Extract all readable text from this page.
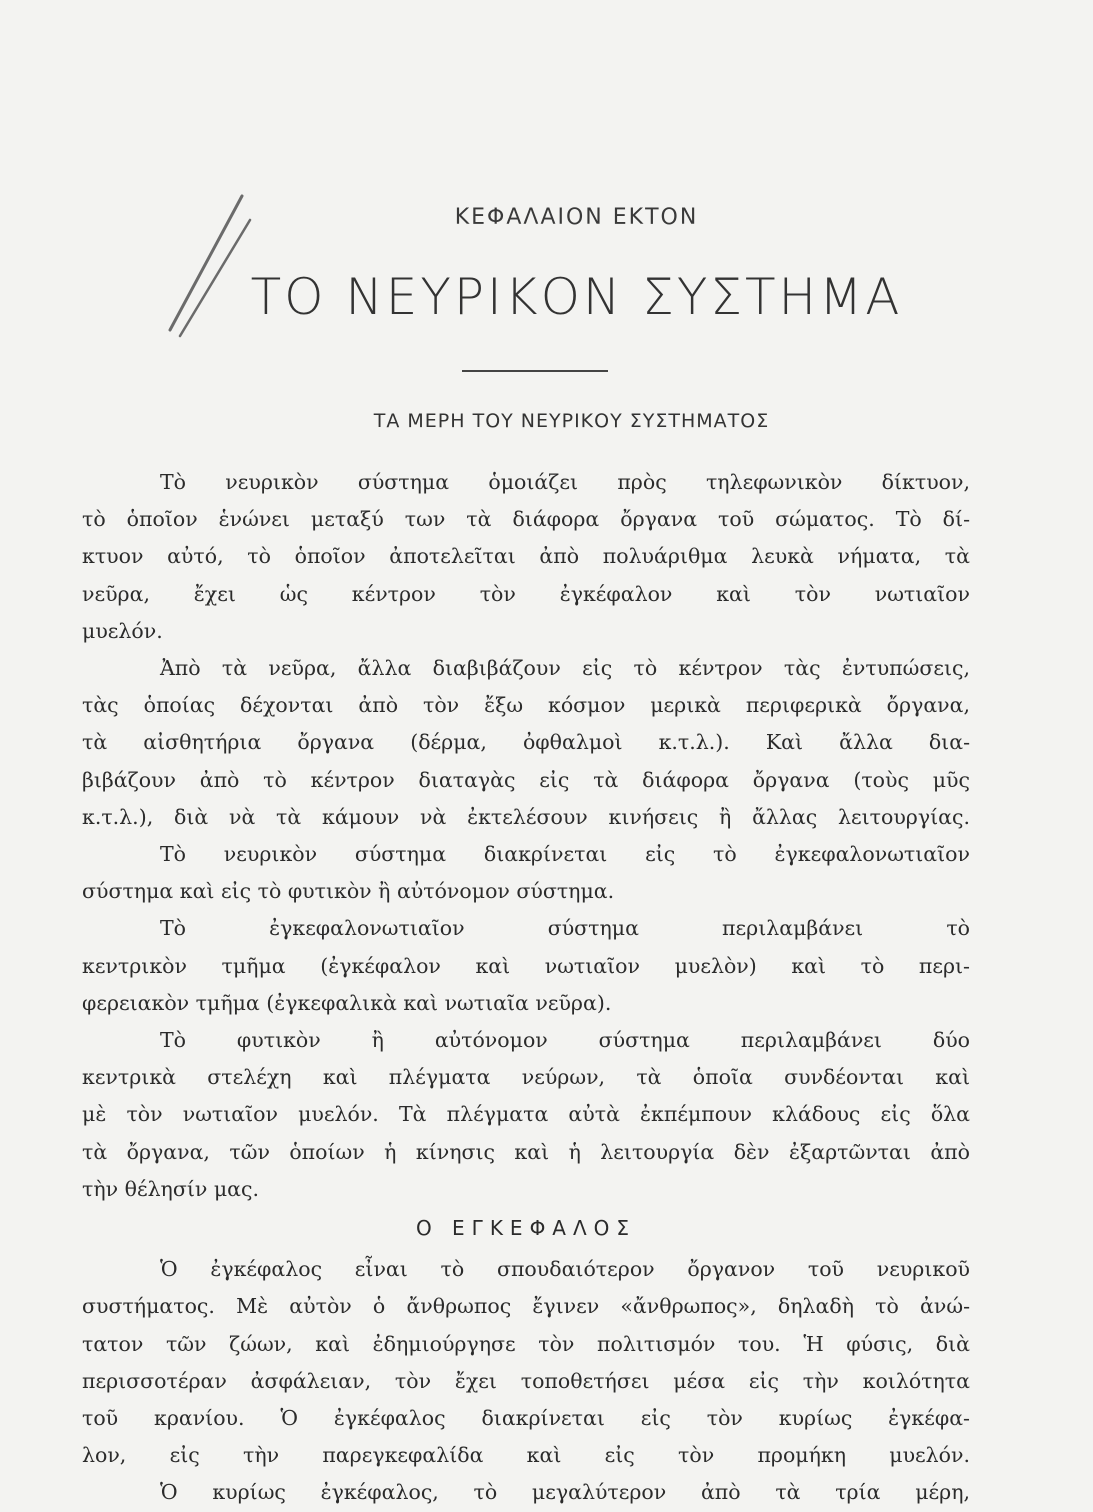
ΚΕΦΑΛΑΙΟΝ ΕΚΤΟΝ
ΤΟ ΝΕΥΡΙΚΟΝ ΣΥΣΤΗΜΑ
ΤΑ ΜΕΡΗ ΤΟΥ ΝΕΥΡΙΚΟΥ ΣΥΣΤΗΜΑΤΟΣ
Τὸ νευρικὸν σύστημα ὁμοιάζει πρὸς τηλεφωνικὸν δίκτυον,
τὸ ὁποῖον ἑνώνει μεταξύ των τὰ διάφορα ὄργανα τοῦ σώματος. Τὸ δί-
κτυον αὐτό, τὸ ὁποῖον ἀποτελεῖται ἀπὸ πολυάριθμα λευκὰ νήματα, τὰ
νεῦρα, ἔχει ὡς κέντρον τὸν ἐγκέφαλον καὶ τὸν νωτιαῖον
μυελόν.
Ἀπὸ τὰ νεῦρα, ἄλλα διαβιβάζουν εἰς τὸ κέντρον τὰς ἐντυπώσεις,
τὰς ὁποίας δέχονται ἀπὸ τὸν ἔξω κόσμον μερικὰ περιφερικὰ ὄργανα,
τὰ αἰσθητήρια ὄργανα (δέρμα, ὀφθαλμοὶ κ.τ.λ.). Καὶ ἄλλα δια-
βιβάζουν ἀπὸ τὸ κέντρον διαταγὰς εἰς τὰ διάφορα ὄργανα (τοὺς μῦς
κ.τ.λ.), διὰ νὰ τὰ κάμουν νὰ ἐκτελέσουν κινήσεις ἢ ἄλλας λειτουργίας.
Τὸ νευρικὸν σύστημα διακρίνεται εἰς τὸ ἐγκεφαλονωτιαῖον
σύστημα καὶ εἰς τὸ φυτικὸν ἢ αὐτόνομον σύστημα.
Τὸ ἐγκεφαλονωτιαῖον σύστημα περιλαμβάνει τὸ
κεντρικὸν τμῆμα (ἐγκέφαλον καὶ νωτιαῖον μυελὸν) καὶ τὸ περι-
φερειακὸν τμῆμα (ἐγκεφαλικὰ καὶ νωτιαῖα νεῦρα).
Τὸ φυτικὸν ἢ αὐτόνομον σύστημα περιλαμβάνει δύο
κεντρικὰ στελέχη καὶ πλέγματα νεύρων, τὰ ὁποῖα συνδέονται καὶ
μὲ τὸν νωτιαῖον μυελόν. Τὰ πλέγματα αὐτὰ ἐκπέμπουν κλάδους εἰς ὅλα
τὰ ὄργανα, τῶν ὁποίων ἡ κίνησις καὶ ἡ λειτουργία δὲν ἐξαρτῶνται ἀπὸ
τὴν θέλησίν μας.
Ο ΕΓΚΕΦΑΛΟΣ
Ὁ ἐγκέφαλος εἶναι τὸ σπουδαιότερον ὄργανον τοῦ νευρικοῦ
συστήματος. Μὲ αὐτὸν ὁ ἄνθρωπος ἔγινεν «ἄνθρωπος», δηλαδὴ τὸ ἀνώ-
τατον τῶν ζώων, καὶ ἐδημιούργησε τὸν πολιτισμόν του. Ἡ φύσις, διὰ
περισσοτέραν ἀσφάλειαν, τὸν ἔχει τοποθετήσει μέσα εἰς τὴν κοιλότητα
τοῦ κρανίου. Ὁ ἐγκέφαλος διακρίνεται εἰς τὸν κυρίως ἐγκέφα-
λον, εἰς τὴν παρεγκεφαλίδα καὶ εἰς τὸν προμήκη μυελόν.
Ὁ κυρίως ἐγκέφαλος, τὸ μεγαλύτερον ἀπὸ τὰ τρία μέρη,
